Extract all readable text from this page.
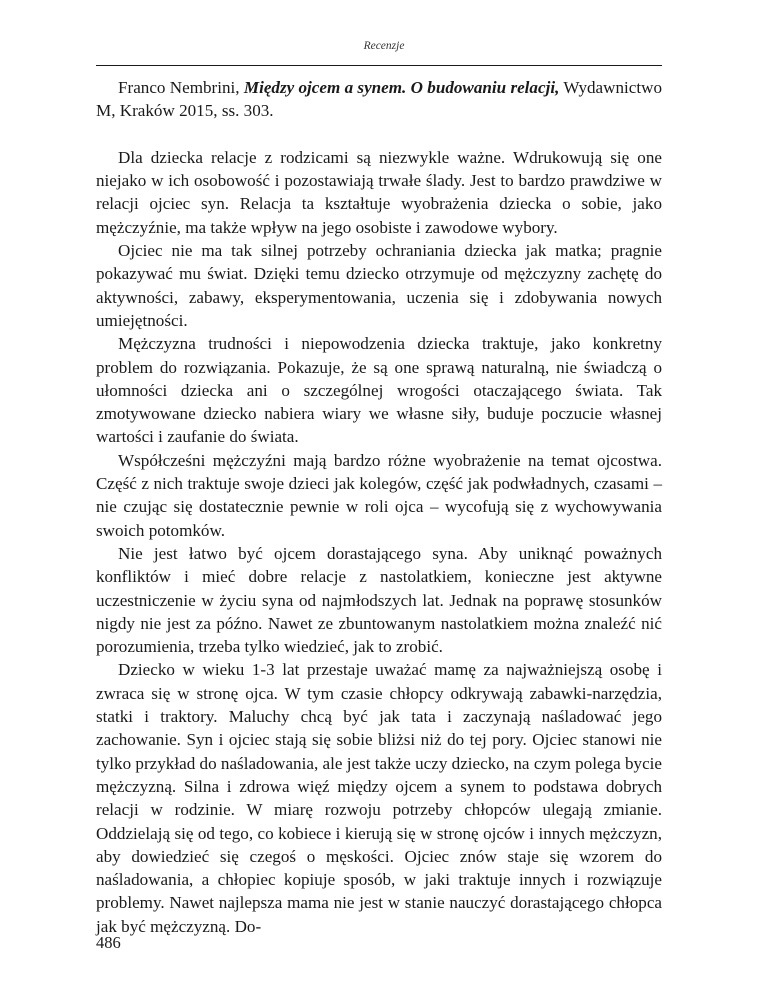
Recenzje

Franco Nembrini, Między ojcem a synem. O budowaniu relacji, Wydawnictwo M, Kraków 2015, ss. 303.

Dla dziecka relacje z rodzicami są niezwykle ważne. Wdrukowują się one niejako w ich osobowość i pozostawiają trwałe ślady. Jest to bardzo prawdziwe w relacji ojciec syn. Relacja ta kształtuje wyobrażenia dziecka o sobie, jako mężczyźnie, ma także wpływ na jego osobiste i zawodowe wybory.

Ojciec nie ma tak silnej potrzeby ochraniania dziecka jak matka; pragnie pokazywać mu świat. Dzięki temu dziecko otrzymuje od mężczyzny zachętę do aktywności, zabawy, eksperymentowania, uczenia się i zdobywania nowych umiejętności.

Mężczyzna trudności i niepowodzenia dziecka traktuje, jako konkretny problem do rozwiązania. Pokazuje, że są one sprawą naturalną, nie świadczą o ułomności dziecka ani o szczególnej wrogości otaczającego świata. Tak zmotywowane dziecko nabiera wiary we własne siły, buduje poczucie własnej wartości i zaufanie do świata.

Współcześni mężczyźni mają bardzo różne wyobrażenie na temat ojcostwa. Część z nich traktuje swoje dzieci jak kolegów, część jak podwładnych, czasami – nie czując się dostatecznie pewnie w roli ojca – wycofują się z wychowywania swoich potomków.

Nie jest łatwo być ojcem dorastającego syna. Aby uniknąć poważnych konfliktów i mieć dobre relacje z nastolatkiem, konieczne jest aktywne uczestniczenie w życiu syna od najmłodszych lat. Jednak na poprawę stosunków nigdy nie jest za późno. Nawet ze zbuntowanym nastolatkiem można znaleźć nić porozumienia, trzeba tylko wiedzieć, jak to zrobić.

Dziecko w wieku 1-3 lat przestaje uważać mamę za najważniejszą osobę i zwraca się w stronę ojca. W tym czasie chłopcy odkrywają zabawki-narzędzia, statki i traktory. Maluchy chcą być jak tata i zaczynają naśladować jego zachowanie. Syn i ojciec stają się sobie bliżsi niż do tej pory. Ojciec stanowi nie tylko przykład do naśladowania, ale jest także uczy dziecko, na czym polega bycie mężczyzną. Silna i zdrowa więź między ojcem a synem to podstawa dobrych relacji w rodzinie. W miarę rozwoju potrzeby chłopców ulegają zmianie. Oddzielają się od tego, co kobiece i kierują się w stronę ojców i innych mężczyzn, aby dowiedzieć się czegoś o męskości. Ojciec znów staje się wzorem do naśladowania, a chłopiec kopiuje sposób, w jaki traktuje innych i rozwiązuje problemy. Nawet najlepsza mama nie jest w stanie nauczyć dorastającego chłopca jak być mężczyzną. Do-

486
